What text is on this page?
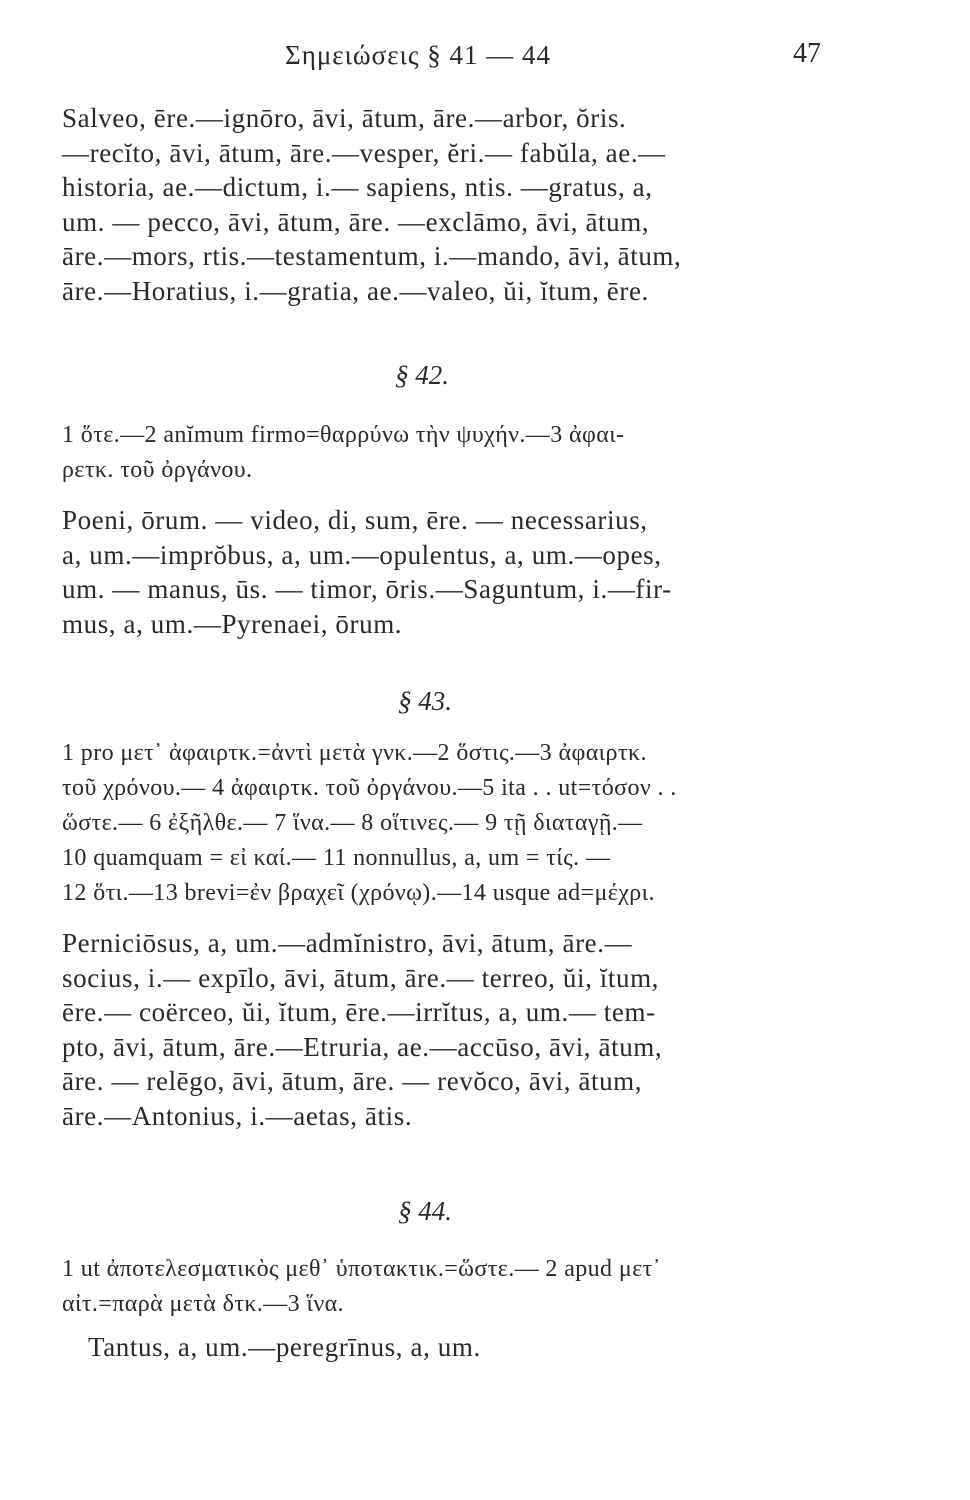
Σημειώσεις § 41 — 44	47
Salveo, ēre.—ignōro, āvi, ātum, āre.—arbor, ŏris.
—recĭto, āvi, ātum, āre.—vesper, ĕri.— fabŭla, ae.—
historia, ae.—dictum, i.— sapiens, ntis. —gratus, a,
um. — pecco, āvi, ātum, āre. —exclāmo, āvi, ātum,
āre.—mors, rtis.—testamentum, i.—mando, āvi, ātum,
āre.—Horatius, i.—gratia, ae.—valeo, ŭi, ĭtum, ēre.
§ 42.
1 ὅτε.—2 anĭmum firmo=θαρρύνω τὴν ψυχήν.—3 ἀφαι-
ρετκ. τοῦ ὀργάνου.
Poeni, ōrum. — video, di, sum, ēre. — necessarius,
a, um.—imprŏbus, a, um.—opulentus, a, um.—opes,
um. — manus, ūs. — timor, ōris.—Saguntum, i.—fir-
mus, a, um.—Pyrenaei, ōrum.
§ 43.
1 pro μετ᾽ ἀφαιρτκ.=ἀντὶ μετὰ γνκ.—2 ὅστις.—3 ἀφαιρτκ.
τοῦ χρόνου.— 4 ἀφαιρτκ. τοῦ ὀργάνου.—5 ita . . ut=τόσον . .
ὥστε.— 6 ἐξῆλθε.— 7 ἵνα.— 8 οἵτινες.— 9 τῇ διαταγῇ.—
10 quamquam = εἰ καί.— 11 nonnullus, a, um = τίς. —
12 ὅτι.—13 brevi=ἐν βραχεῖ (χρόνῳ).—14 usque ad=μέχρι.
Perniciōsus, a, um.—admĭnistro, āvi, ātum, āre.—
socius, i.— expīlo, āvi, ātum, āre.— terreo, ŭi, ĭtum,
ēre.— coërceo, ŭi, ĭtum, ēre.—irrĭtus, a, um.— tem-
pto, āvi, ātum, āre.—Etruria, ae.—accūso, āvi, ātum,
āre. — relēgo, āvi, ātum, āre. — revŏco, āvi, ātum,
āre.—Antonius, i.—aetas, ātis.
§ 44.
1 ut ἀποτελεσματικὸς μεθ᾽ ὑποτακτικ.=ὥστε.— 2 apud μετ᾽
αἰτ.=παρὰ μετὰ δτκ.—3 ἵνα.
Tantus, a, um.—peregrīnus, a, um.
